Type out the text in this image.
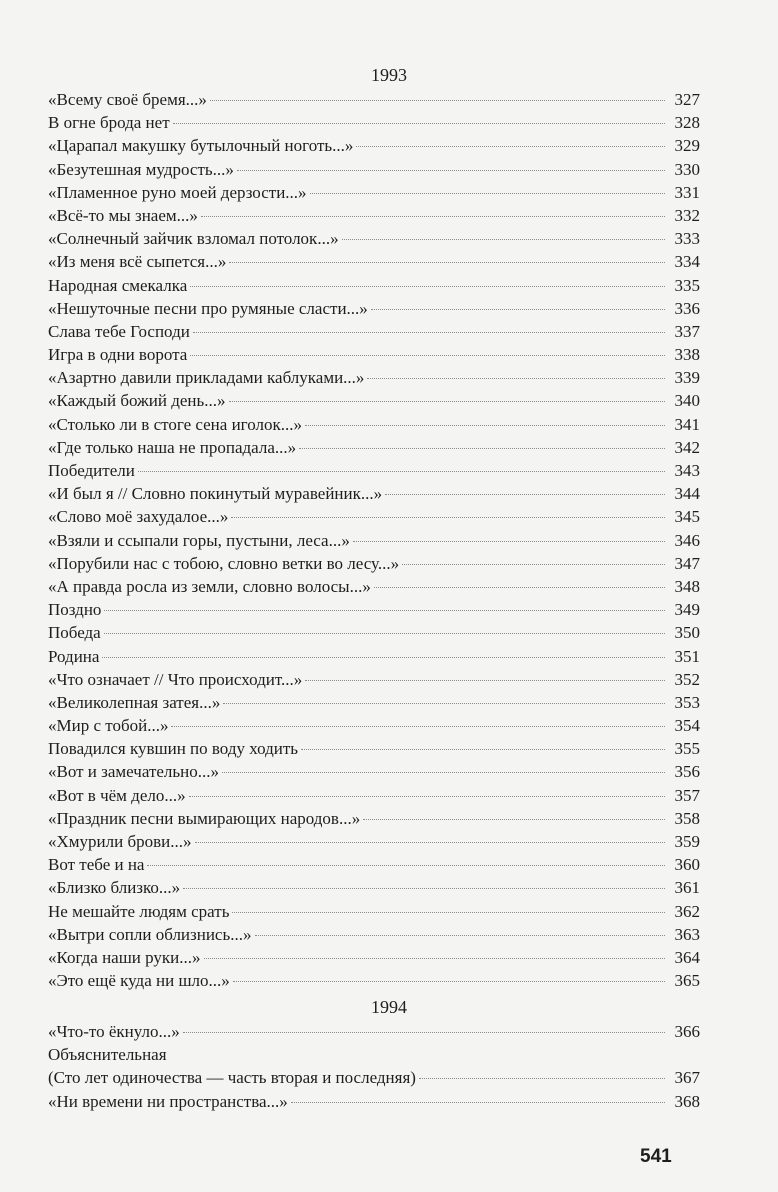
1993
«Всему своё бремя...»	327
В огне брода нет	328
«Царапал макушку бутылочный ноготь...»	329
«Безутешная мудрость...»	330
«Пламенное руно моей дерзости...»	331
«Всё-то мы знаем...»	332
«Солнечный зайчик взломал потолок...»	333
«Из меня всё сыпется...»	334
Народная смекалка	335
«Нешуточные песни про румяные сласти...»	336
Слава тебе Господи	337
Игра в одни ворота	338
«Азартно давили прикладами каблуками...»	339
«Каждый божий день...»	340
«Столько ли в стоге сена иголок...»	341
«Где только наша не пропадала...»	342
Победители	343
«И был я // Словно покинутый муравейник...»	344
«Слово моё захудалое...»	345
«Взяли и ссыпали горы, пустыни, леса...»	346
«Порубили нас с тобою, словно ветки во лесу...»	347
«А правда росла из земли, словно волосы...»	348
Поздно	349
Победа	350
Родина	351
«Что означает // Что происходит...»	352
«Великолепная затея...»	353
«Мир с тобой...»	354
Повадился кувшин по воду ходить	355
«Вот и замечательно...»	356
«Вот в чём дело...»	357
«Праздник песни вымирающих народов...»	358
«Хмурили брови...»	359
Вот тебе и на	360
«Близко близко...»	361
Не мешайте людям срать	362
«Вытри сопли облизнись...»	363
«Когда наши руки...»	364
«Это ещё куда ни шло...»	365
1994
«Что-то ёкнуло...»	366
Объяснительная
(Сто лет одиночества — часть вторая и последняя)	367
«Ни времени ни пространства...»	368
541
